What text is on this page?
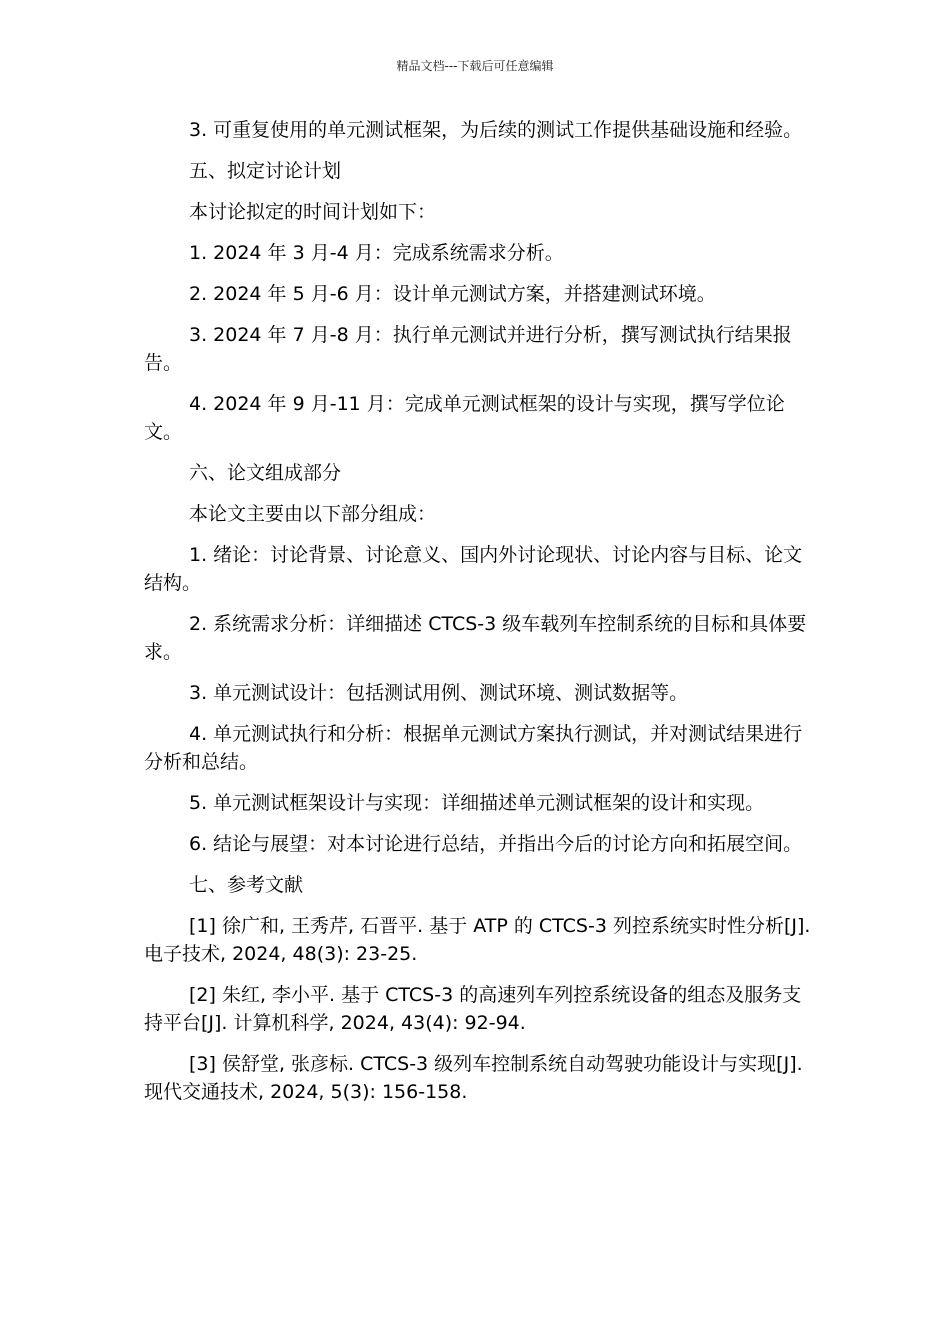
精品文档---下载后可任意编辑

3. 可重复使用的单元测试框架，为后续的测试工作提供基础设施和经验。

五、拟定讨论计划

本讨论拟定的时间计划如下：

1. 2024 年 3 月-4 月：完成系统需求分析。

2. 2024 年 5 月-6 月：设计单元测试方案，并搭建测试环境。

3. 2024 年 7 月-8 月：执行单元测试并进行分析，撰写测试执行结果报告。

4. 2024 年 9 月-11 月：完成单元测试框架的设计与实现，撰写学位论文。

六、论文组成部分

本论文主要由以下部分组成：

1. 绪论：讨论背景、讨论意义、国内外讨论现状、讨论内容与目标、论文结构。

2. 系统需求分析：详细描述 CTCS-3 级车载列车控制系统的目标和具体要求。

3. 单元测试设计：包括测试用例、测试环境、测试数据等。

4. 单元测试执行和分析：根据单元测试方案执行测试，并对测试结果进行分析和总结。

5. 单元测试框架设计与实现：详细描述单元测试框架的设计和实现。

6. 结论与展望：对本讨论进行总结，并指出今后的讨论方向和拓展空间。

七、参考文献

[1] 徐广和, 王秀芹, 石晋平. 基于 ATP 的 CTCS-3 列控系统实时性分析[J]. 电子技术, 2024, 48(3): 23-25.

[2] 朱红, 李小平. 基于 CTCS-3 的高速列车列控系统设备的组态及服务支持平台[J]. 计算机科学, 2024, 43(4): 92-94.

[3] 侯舒堂, 张彦标. CTCS-3 级列车控制系统自动驾驶功能设计与实现[J]. 现代交通技术, 2024, 5(3): 156-158.
